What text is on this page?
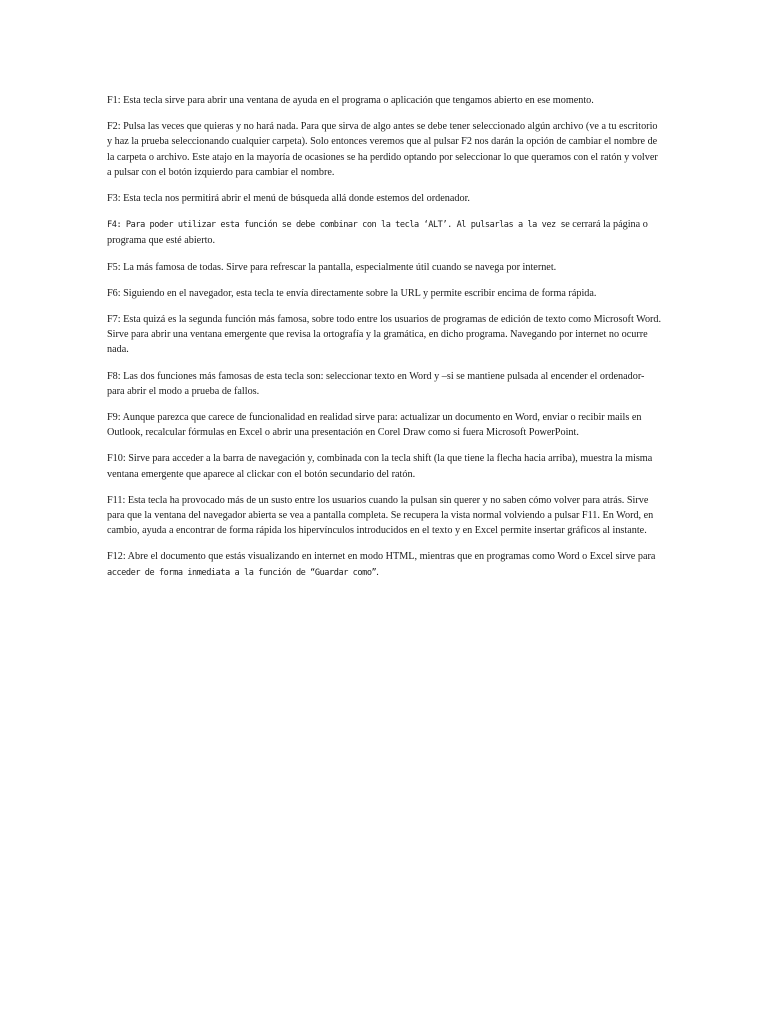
F1: Esta tecla sirve para abrir una ventana de ayuda en el programa o aplicación que tengamos abierto en ese momento.

F2: Pulsa las veces que quieras y no hará nada. Para que sirva de algo antes se debe tener seleccionado algún archivo (ve a tu escritorio y haz la prueba seleccionando cualquier carpeta). Solo entonces veremos que al pulsar F2 nos darán la opción de cambiar el nombre de la carpeta o archivo. Este atajo en la mayoría de ocasiones se ha perdido optando por seleccionar lo que queramos con el ratón y volver a pulsar con el botón izquierdo para cambiar el nombre.

F3: Esta tecla nos permitirá abrir el menú de búsqueda allá donde estemos del ordenador.

F4: Para poder utilizar esta función se debe combinar con la tecla ‘ALT’. Al pulsarlas a la vez se cerrará la página o programa que esté abierto.

F5: La más famosa de todas. Sirve para refrescar la pantalla, especialmente útil cuando se navega por internet.

F6: Siguiendo en el navegador, esta tecla te envía directamente sobre la URL y permite escribir encima de forma rápida.

F7: Esta quizá es la segunda función más famosa, sobre todo entre los usuarios de programas de edición de texto como Microsoft Word. Sirve para abrir una ventana emergente que revisa la ortografía y la gramática, en dicho programa. Navegando por internet no ocurre nada.

F8: Las dos funciones más famosas de esta tecla son: seleccionar texto en Word y –si se mantiene pulsada al encender el ordenador- para abrir el modo a prueba de fallos.

F9: Aunque parezca que carece de funcionalidad en realidad sirve para: actualizar un documento en Word, enviar o recibir mails en Outlook, recalcular fórmulas en Excel o abrir una presentación en Corel Draw como si fuera Microsoft PowerPoint.

F10: Sirve para acceder a la barra de navegación y, combinada con la tecla shift (la que tiene la flecha hacia arriba), muestra la misma ventana emergente que aparece al clickar con el botón secundario del ratón.

F11: Esta tecla ha provocado más de un susto entre los usuarios cuando la pulsan sin querer y no saben cómo volver para atrás. Sirve para que la ventana del navegador abierta se vea a pantalla completa. Se recupera la vista normal volviendo a pulsar F11. En Word, en cambio, ayuda a encontrar de forma rápida los hipervínculos introducidos en el texto y en Excel permite insertar gráficos al instante.

F12: Abre el documento que estás visualizando en internet en modo HTML, mientras que en programas como Word o Excel sirve para acceder de forma inmediata a la función de “Guardar como”.
